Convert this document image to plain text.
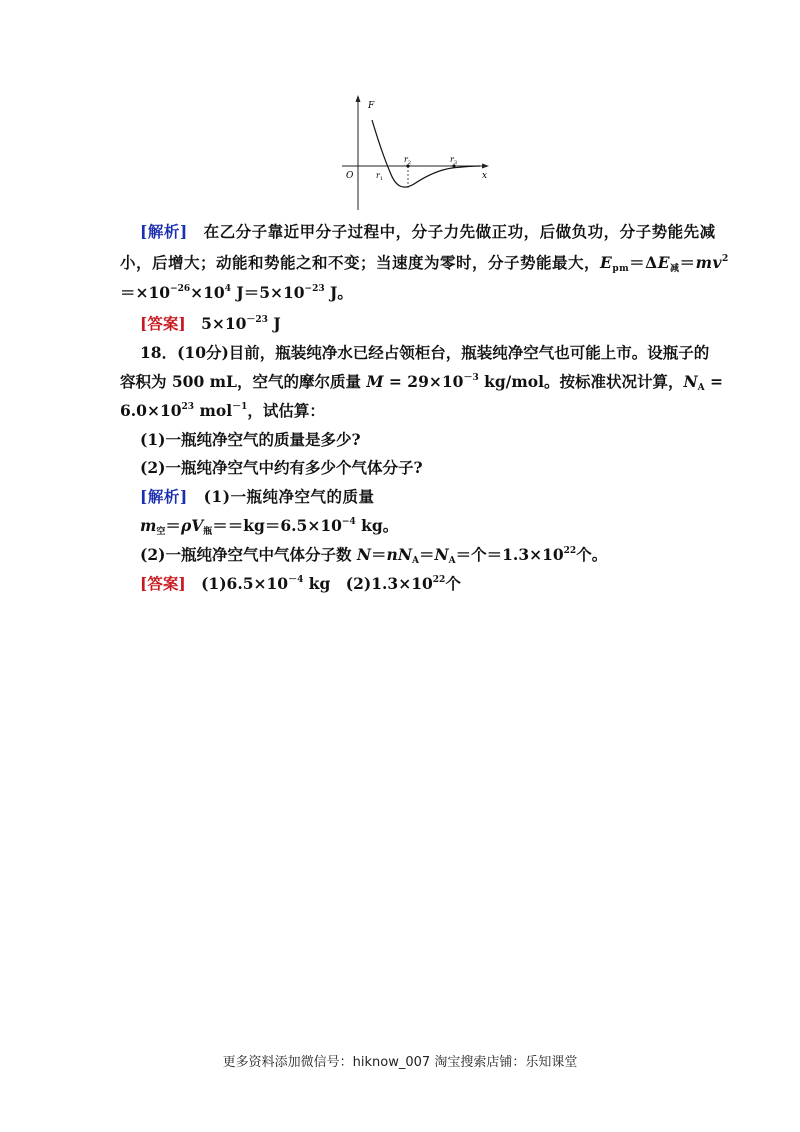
F
x
O	$r_1$
$r_2$	$r_3$
[解析] 在乙分子靠近甲分子过程中，分子力先做正功，后做负功，分子势能先减
小，后增大；动能和势能之和不变；当速度为零时，分子势能最大，$E_{pm}=\Delta E_减=mv^2$
$=\times 10^{-26}\times 10^4$ $J=5\times 10^{-23}$ J。
[答案] $5\times 10^{-23}$ J
18．(10分)目前，瓶装纯净水已经占领柜台，瓶装纯净空气也可能上市。设瓶子的
容积为 500 mL，空气的摩尔质量 $M = 29\times 10^{-3}$ kg/mol。按标准状况计算，$N_A$ =
$6.0\times 10^{23}$ mol$^{-1}$，试估算：
(1)一瓶纯净空气的质量是多少?
(2)一瓶纯净空气中约有多少个气体分子?
[解析] (1)一瓶纯净空气的质量
$m_空=\rho V_瓶==kg=6.5\times 10^{-4}$ kg。
(2)一瓶纯净空气中气体分子数 $N=nN_A=N_A=$个$=1.3\times 10^{22}$个。
[答案] $(1)6.5\times 10^{-4}$ kg　$(2)1.3\times 10^{22}$个
更多资料添加微信号：hiknow_007 淘宝搜索店铺：乐知课堂
